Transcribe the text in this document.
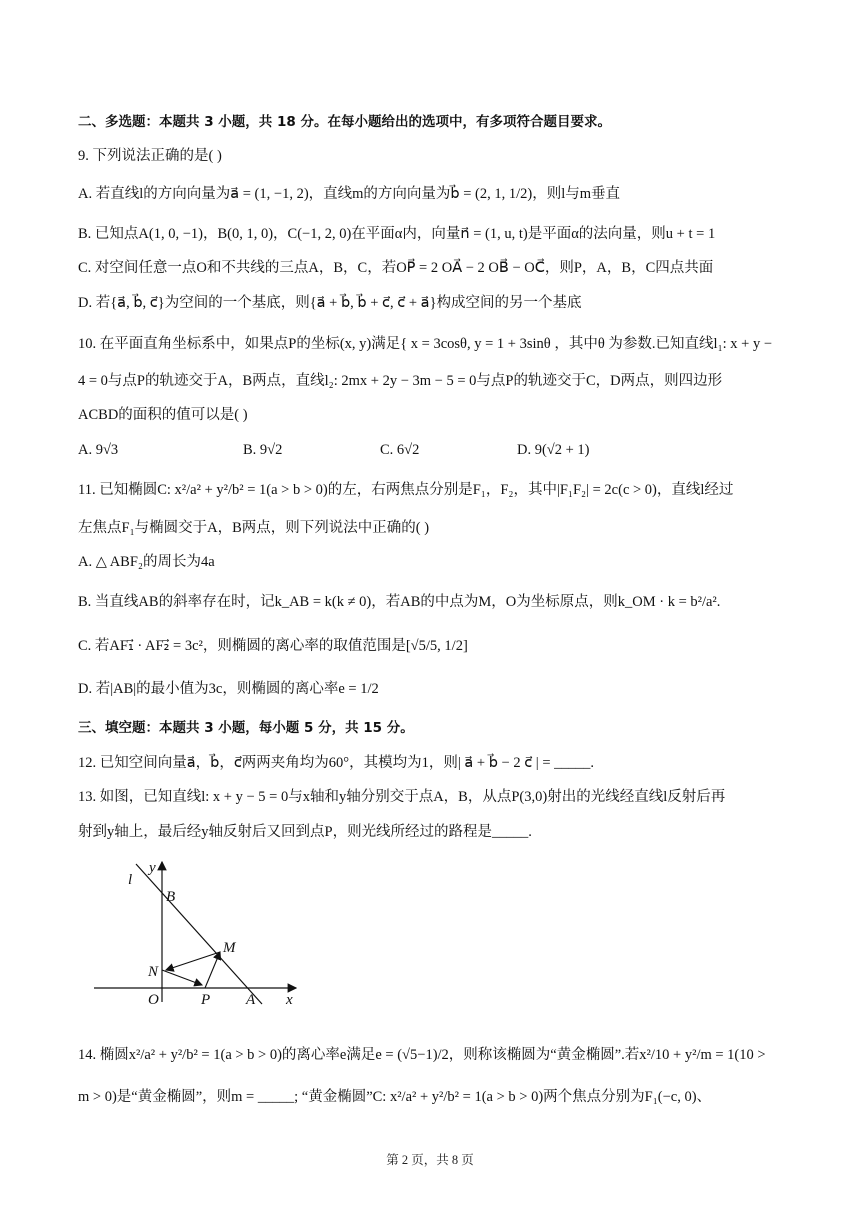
二、多选题：本题共 3 小题，共 18 分。在每小题给出的选项中，有多项符合题目要求。
9. 下列说法正确的是( )
A. 若直线l的方向向量为a⃗ = (1, −1, 2)，直线m的方向向量为b⃗ = (2, 1, 1/2)，则l与m垂直
B. 已知点A(1, 0, −1)，B(0, 1, 0)，C(−1, 2, 0)在平面α内，向量n⃗ = (1, u, t)是平面α的法向量，则u + t = 1
C. 对空间任意一点O和不共线的三点A，B，C，若OP⃗ = 2 OA⃗ − 2 OB⃗ − OC⃗，则P，A，B，C四点共面
D. 若{a⃗, b⃗, c⃗}为空间的一个基底，则{a⃗ + b⃗, b⃗ + c⃗, c⃗ + a⃗}构成空间的另一个基底
10. 在平面直角坐标系中，如果点P的坐标(x, y)满足{ x = 3cosθ, y = 1 + 3sinθ ，其中θ 为参数.已知直线l₁: x + y −
4 = 0与点P的轨迹交于A，B两点，直线l₂: 2mx + 2y − 3m − 5 = 0与点P的轨迹交于C，D两点，则四边形
ACBD的面积的值可以是( )
A. 9√3	B. 9√2	C. 6√2	D. 9(√2 + 1)
11. 已知椭圆C: x²/a² + y²/b² = 1(a > b > 0)的左，右两焦点分别是F₁，F₂，其中|F₁F₂| = 2c(c > 0)，直线l经过
左焦点F₁与椭圆交于A，B两点，则下列说法中正确的( )
A. △ ABF₂的周长为4a
B. 当直线AB的斜率存在时，记k_AB = k(k ≠ 0)，若AB的中点为M，O为坐标原点，则k_OM · k = b²/a².
C. 若AF₁⃗ · AF₂⃗ = 3c²，则椭圆的离心率的取值范围是[√5/5, 1/2]
D. 若|AB|的最小值为3c，则椭圆的离心率e = 1/2
三、填空题：本题共 3 小题，每小题 5 分，共 15 分。
12. 已知空间向量a⃗，b⃗，c⃗两两夹角均为60°，其模均为1，则| a⃗ + b⃗ − 2 c⃗ | = _____.
13. 如图，已知直线l: x + y − 5 = 0与x轴和y轴分别交于点A，B，从点P(3,0)射出的光线经直线l反射后再
射到y轴上，最后经y轴反射后又回到点P，则光线所经过的路程是_____.
l
y
B
M
N
O	P A x
14. 椭圆x²/a² + y²/b² = 1(a > b > 0)的离心率e满足e = (√5−1)/2，则称该椭圆为“黄金椭圆”.若x²/10 + y²/m = 1(10 >
m > 0)是“黄金椭圆”，则m = _____; “黄金椭圆”C: x²/a² + y²/b² = 1(a > b > 0)两个焦点分别为F₁(−c, 0)、
第 2 页，共 8 页
